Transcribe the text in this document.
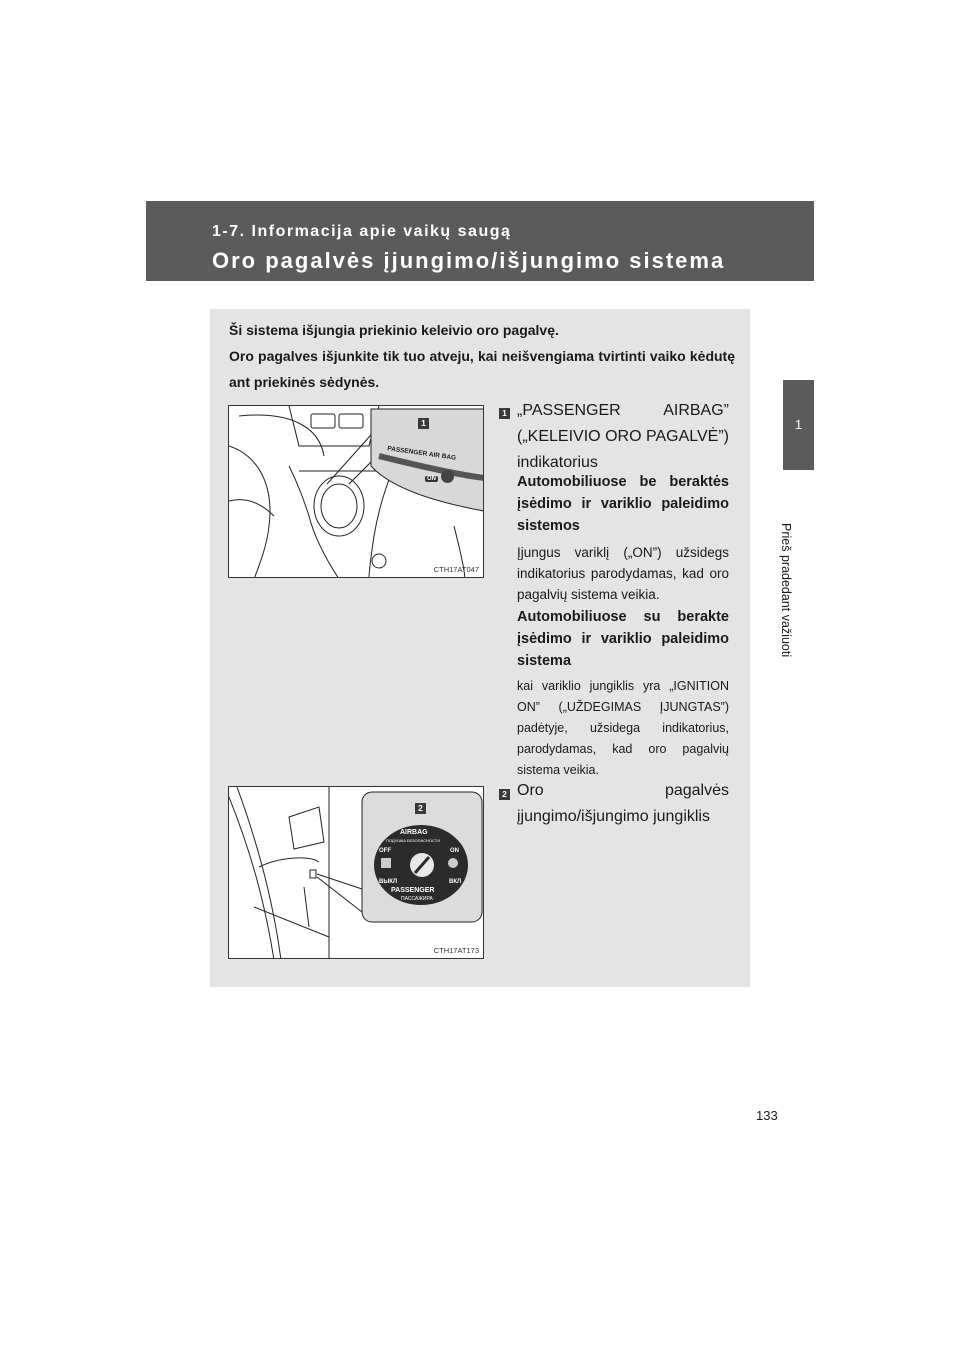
1-7. Informacija apie vaikų saugą
Oro pagalvės įjungimo/išjungimo sistema
1
Prieš pradedant važiuoti

Ši sistema išjungia priekinio keleivio oro pagalvę.

Oro pagalves išjunkite tik tuo atveju, kai neišvengiama tvirtinti vaiko kėdutę ant priekinės sėdynės.

1
PASSENGER AIR BAG
ON
CTH17AT047
2
AIRBAG
ПОДУШКА БЕЗОПАСНОСТИ
OFF	ON
ВЫКЛ	ВКЛ
PASSENGER
ПАССАЖИРА
CTH17AT173
1 „PASSENGER AIRBAG” („KELEIVIO ORO PAGALVĖ”) indikatorius
Automobiliuose be beraktės įsėdimo ir variklio paleidimo sistemos
Įjungus variklį („ON”) užsidegs indikatorius parodydamas, kad oro pagalvių sistema veikia.
Automobiliuose su berakte įsėdimo ir variklio paleidimo sistema
kai variklio jungiklis yra „IGNITION ON” („UŽDEGIMAS ĮJUNGTAS”) padėtyje, užsidega indikatorius, parodydamas, kad oro pagalvių sistema veikia.
2 Oro pagalvės įjungimo/išjungimo jungiklis
133
